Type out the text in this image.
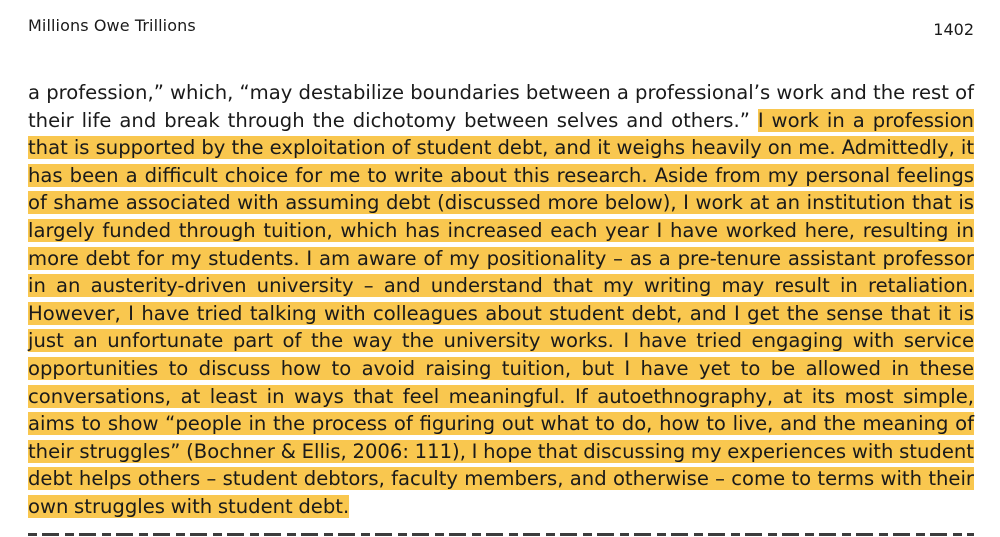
Millions Owe Trillions	1402

a profession,” which, “may destabilize boundaries between a professional’s work and the rest of their life and break through the dichotomy between selves and others.” I work in a profession that is supported by the exploitation of student debt, and it weighs heavily on me. Admittedly, it has been a difficult choice for me to write about this research. Aside from my personal feelings of shame associated with assuming debt (discussed more below), I work at an institution that is largely funded through tuition, which has increased each year I have worked here, resulting in more debt for my students. I am aware of my positionality – as a pre-tenure assistant professor in an austerity-driven university – and understand that my writing may result in retaliation. However, I have tried talking with colleagues about student debt, and I get the sense that it is just an unfortunate part of the way the university works. I have tried engaging with service opportunities to discuss how to avoid raising tuition, but I have yet to be allowed in these conversations, at least in ways that feel meaningful. If autoethnography, at its most simple, aims to show “people in the process of figuring out what to do, how to live, and the meaning of their struggles” (Bochner & Ellis, 2006: 111), I hope that discussing my experiences with student debt helps others – student debtors, faculty members, and otherwise – come to terms with their own struggles with student debt.
